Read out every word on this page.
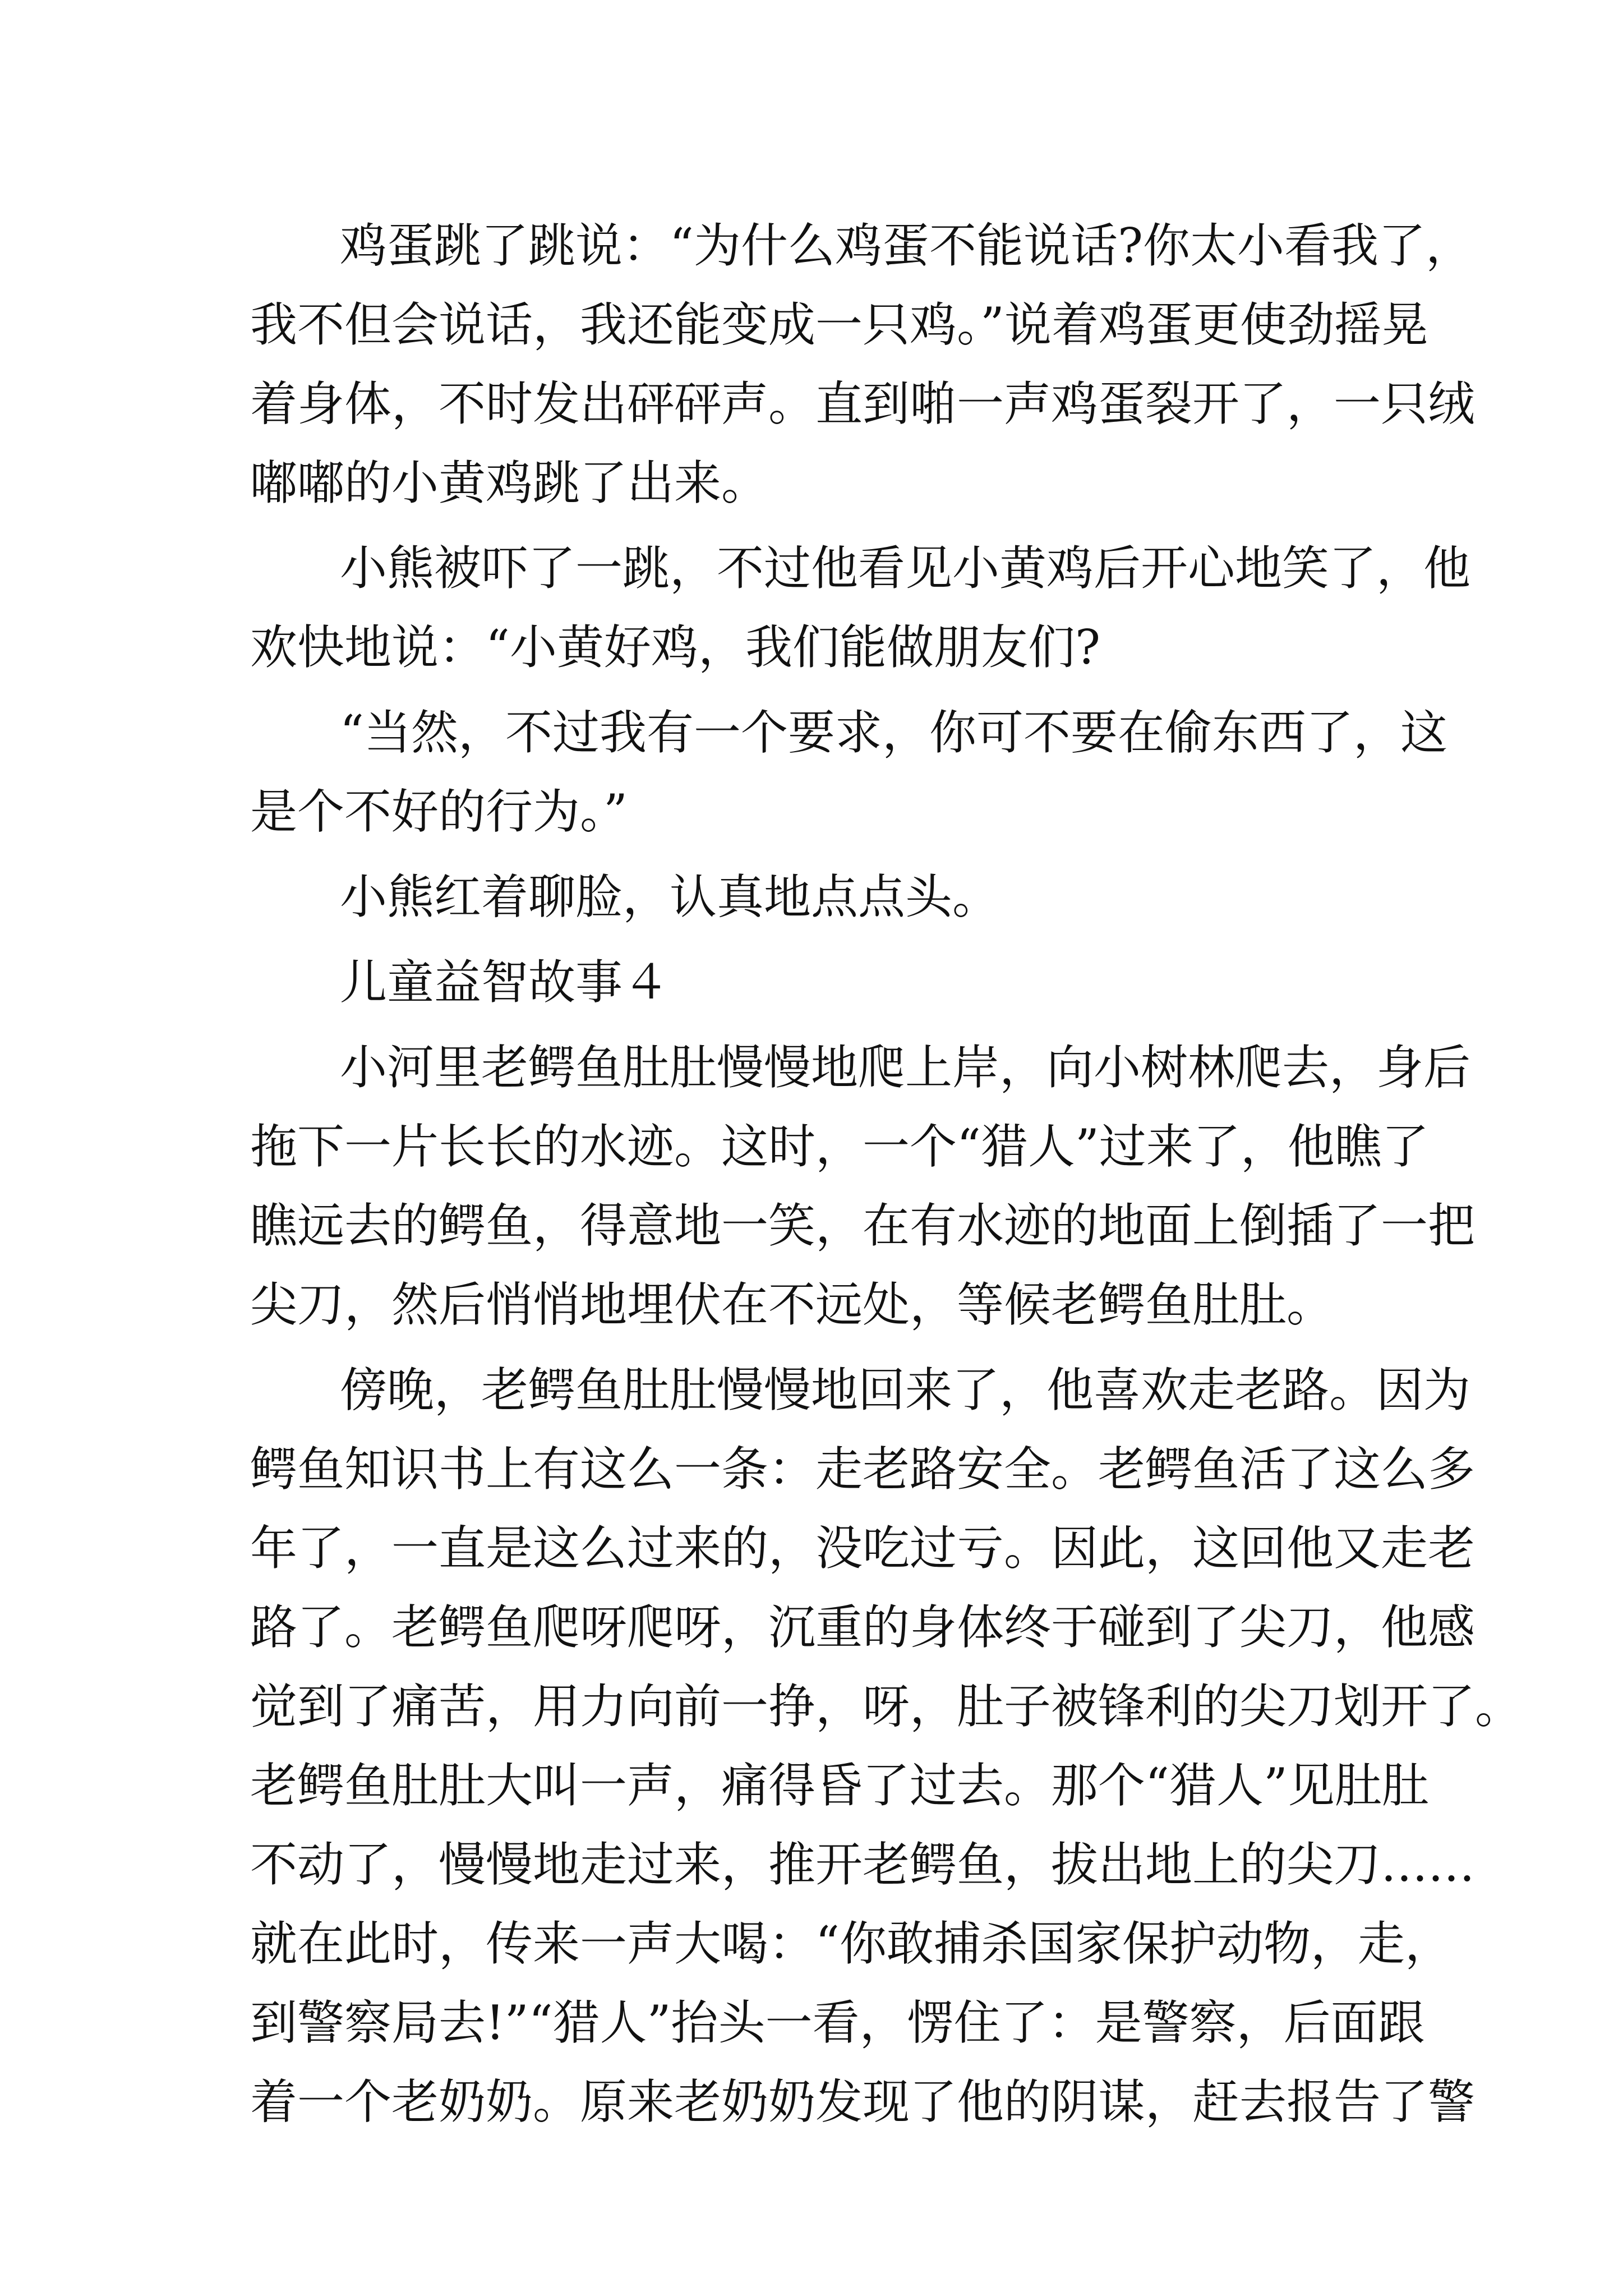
鸡蛋跳了跳说：“为什么鸡蛋不能说话?你太小看我了，
我不但会说话，我还能变成一只鸡。”说着鸡蛋更使劲摇晃
着身体，不时发出砰砰声。直到啪一声鸡蛋裂开了，一只绒
嘟嘟的小黄鸡跳了出来。
小熊被吓了一跳，不过他看见小黄鸡后开心地笑了，他
欢快地说：“小黄好鸡，我们能做朋友们?
“当然，不过我有一个要求，你可不要在偷东西了，这
是个不好的行为。”
小熊红着聊脸，认真地点点头。
儿童益智故事４
小河里老鳄鱼肚肚慢慢地爬上岸，向小树林爬去，身后
拖下一片长长的水迹。这时，一个“猎人”过来了，他瞧了
瞧远去的鳄鱼，得意地一笑，在有水迹的地面上倒插了一把
尖刀，然后悄悄地埋伏在不远处，等候老鳄鱼肚肚。
傍晚，老鳄鱼肚肚慢慢地回来了，他喜欢走老路。因为
鳄鱼知识书上有这么一条：走老路安全。老鳄鱼活了这么多
年了，一直是这么过来的，没吃过亏。因此，这回他又走老
路了。老鳄鱼爬呀爬呀，沉重的身体终于碰到了尖刀，他感
觉到了痛苦，用力向前一挣，呀，肚子被锋利的尖刀划开了。
老鳄鱼肚肚大叫一声，痛得昏了过去。那个“猎人”见肚肚
不动了，慢慢地走过来，推开老鳄鱼，拔出地上的尖刀……
就在此时，传来一声大喝：“你敢捕杀国家保护动物，走，
到警察局去!”“猎人”抬头一看，愣住了：是警察，后面跟
着一个老奶奶。原来老奶奶发现了他的阴谋，赶去报告了警
